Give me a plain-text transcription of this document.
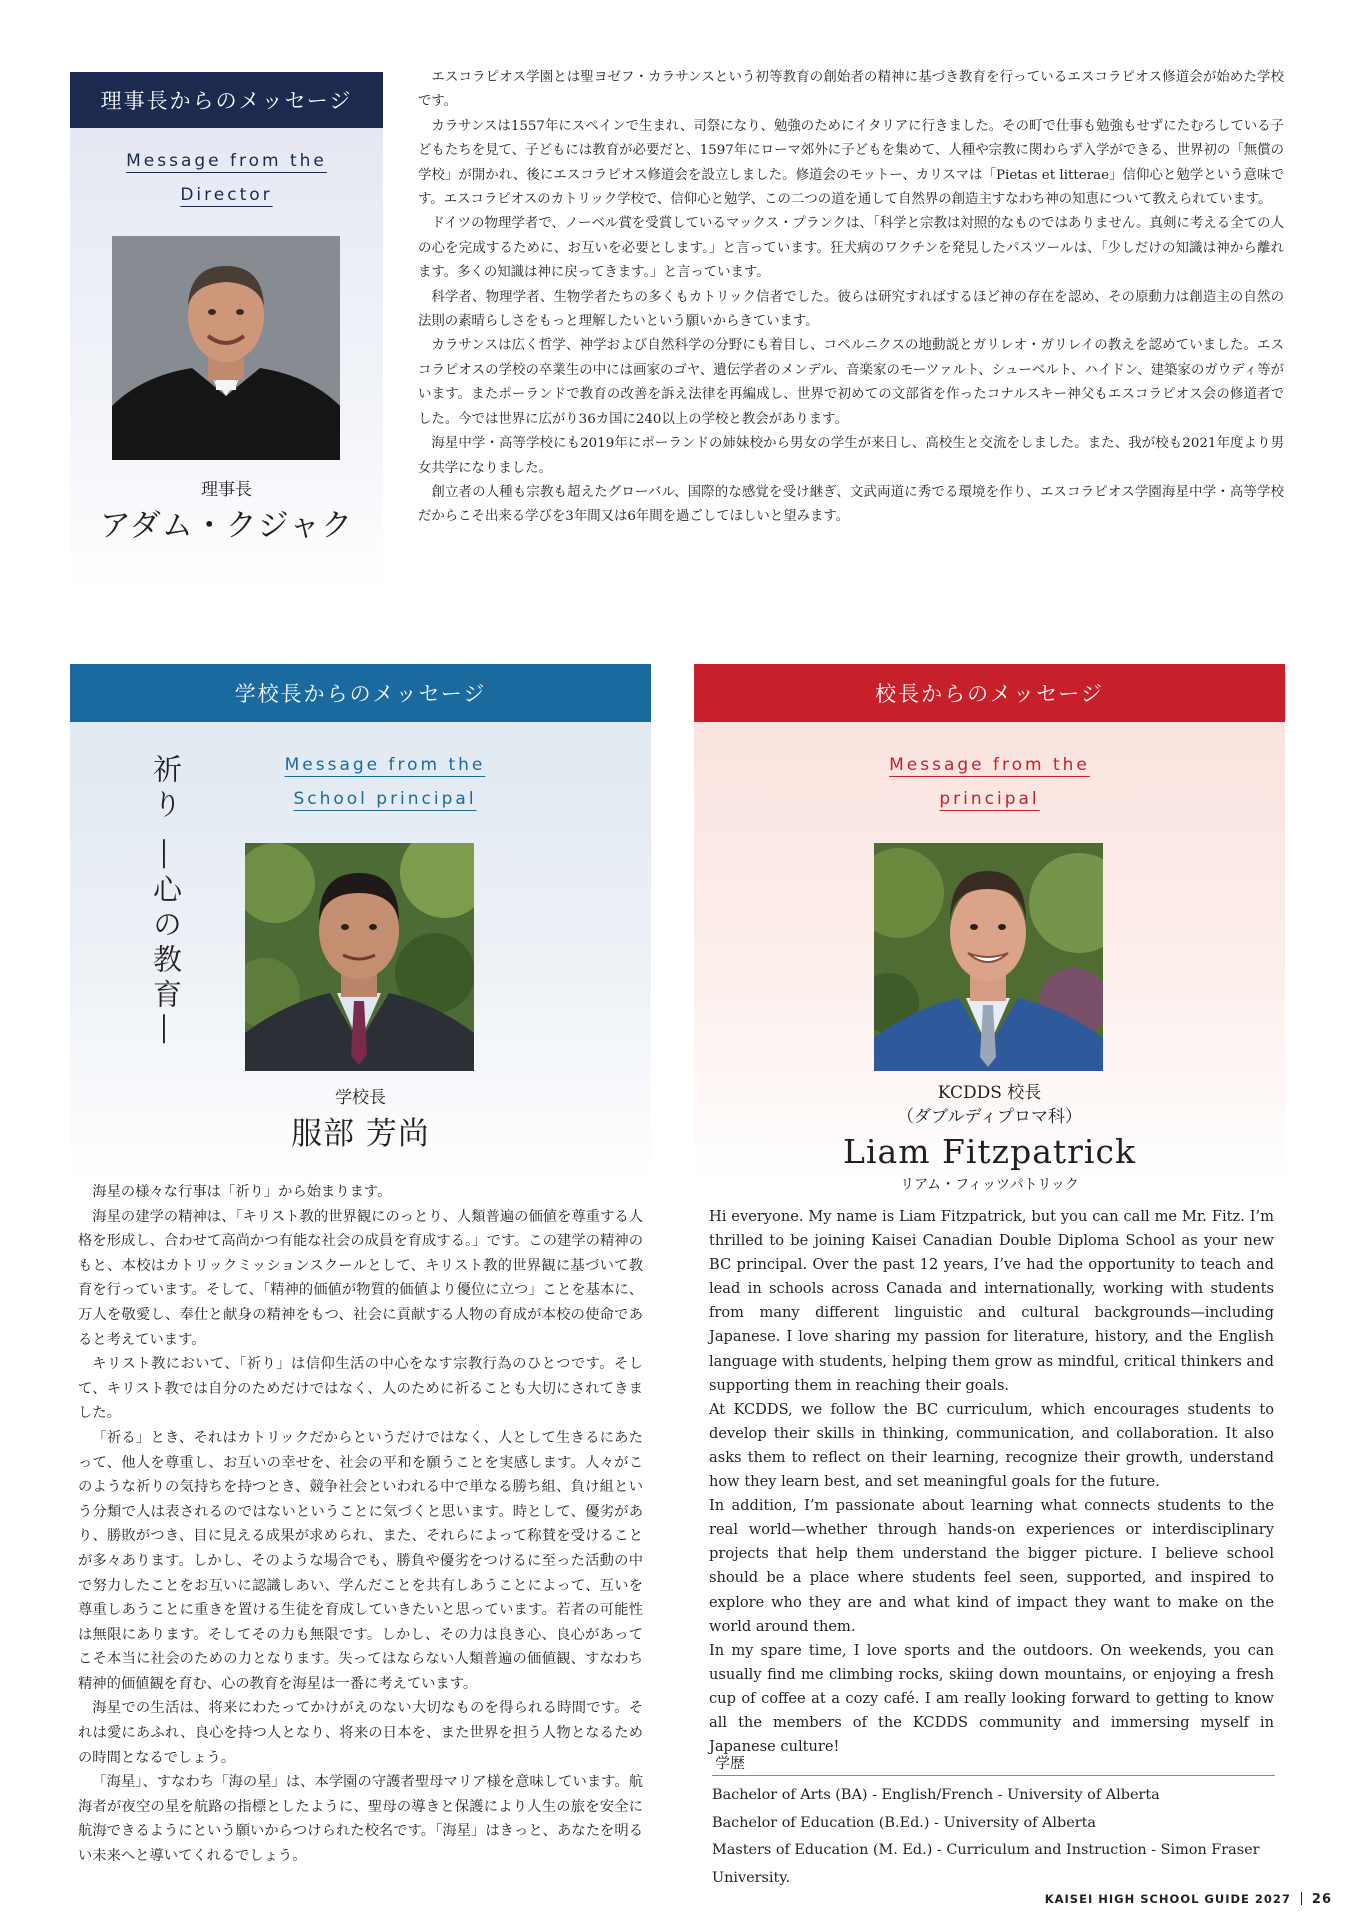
理事長からのメッセージ
Message from the
Director
理事長
アダム・クジャク

エスコラピオス学園とは聖ヨゼフ・カラサンスという初等教育の創始者の精神に基づき教育を行っているエスコラピオス修道会が始めた学校です。

カラサンスは1557年にスペインで生まれ、司祭になり、勉強のためにイタリアに行きました。その町で仕事も勉強もせずにたむろしている子どもたちを見て、子どもには教育が必要だと、1597年にローマ郊外に子どもを集めて、人種や宗教に関わらず入学ができる、世界初の「無償の学校」が開かれ、後にエスコラピオス修道会を設立しました。修道会のモットー、カリスマは「Pietas et litterae」信仰心と勉学という意味です。エスコラピオスのカトリック学校で、信仰心と勉学、この二つの道を通して自然界の創造主すなわち神の知恵について教えられています。

ドイツの物理学者で、ノーベル賞を受賞しているマックス・プランクは、「科学と宗教は対照的なものではありません。真剣に考える全ての人の心を完成するために、お互いを必要とします。」と言っています。狂犬病のワクチンを発見したパスツールは、「少しだけの知識は神から離れます。多くの知識は神に戻ってきます。」と言っています。

科学者、物理学者、生物学者たちの多くもカトリック信者でした。彼らは研究すればするほど神の存在を認め、その原動力は創造主の自然の法則の素晴らしさをもっと理解したいという願いからきています。

カラサンスは広く哲学、神学および自然科学の分野にも着目し、コペルニクスの地動説とガリレオ・ガリレイの教えを認めていました。エスコラピオスの学校の卒業生の中には画家のゴヤ、遺伝学者のメンデル、音楽家のモーツァルト、シューベルト、ハイドン、建築家のガウディ等がいます。またポーランドで教育の改善を訴え法律を再編成し、世界で初めての文部省を作ったコナルスキー神父もエスコラピオス会の修道者でした。今では世界に広がり36カ国に240以上の学校と教会があります。

海星中学・高等学校にも2019年にポーランドの姉妹校から男女の学生が来日し、高校生と交流をしました。また、我が校も2021年度より男女共学になりました。

創立者の人種も宗教も超えたグローバル、国際的な感覚を受け継ぎ、文武両道に秀でる環境を作り、エスコラピオス学園海星中学・高等学校だからこそ出来る学びを3年間又は6年間を過ごしてほしいと望みます。

学校長からのメッセージ
祈り ―心の教育―	Message from the
School principal
学校長
服部 芳尚

海星の様々な行事は「祈り」から始まります。

海星の建学の精神は、「キリスト教的世界観にのっとり、人類普遍の価値を尊重する人格を形成し、合わせて高尚かつ有能な社会の成員を育成する。」です。この建学の精神のもと、本校はカトリックミッションスクールとして、キリスト教的世界観に基づいて教育を行っています。そして、「精神的価値が物質的価値より優位に立つ」ことを基本に、万人を敬愛し、奉仕と献身の精神をもつ、社会に貢献する人物の育成が本校の使命であると考えています。

キリスト教において、「祈り」は信仰生活の中心をなす宗教行為のひとつです。そして、キリスト教では自分のためだけではなく、人のために祈ることも大切にされてきました。

「祈る」とき、それはカトリックだからというだけではなく、人として生きるにあたって、他人を尊重し、お互いの幸せを、社会の平和を願うことを実感します。人々がこのような祈りの気持ちを持つとき、競争社会といわれる中で単なる勝ち組、負け組という分類で人は表されるのではないということに気づくと思います。時として、優劣があり、勝敗がつき、目に見える成果が求められ、また、それらによって称賛を受けることが多々あります。しかし、そのような場合でも、勝負や優劣をつけるに至った活動の中で努力したことをお互いに認識しあい、学んだことを共有しあうことによって、互いを尊重しあうことに重きを置ける生徒を育成していきたいと思っています。若者の可能性は無限にあります。そしてその力も無限です。しかし、その力は良き心、良心があってこそ本当に社会のための力となります。失ってはならない人類普遍の価値観、すなわち精神的価値観を育む、心の教育を海星は一番に考えています。

海星での生活は、将来にわたってかけがえのない大切なものを得られる時間です。それは愛にあふれ、良心を持つ人となり、将来の日本を、また世界を担う人物となるための時間となるでしょう。

「海星」、すなわち「海の星」は、本学園の守護者聖母マリア様を意味しています。航海者が夜空の星を航路の指標としたように、聖母の導きと保護により人生の旅を安全に航海できるようにという願いからつけられた校名です。「海星」はきっと、あなたを明るい未来へと導いてくれるでしょう。

校長からのメッセージ
Message from the
principal
KCDDS 校長
（ダブルディプロマ科）
Liam Fitzpatrick
リアム・フィッツパトリック

Hi everyone. My name is Liam Fitzpatrick, but you can call me Mr. Fitz. I’m thrilled to be joining Kaisei Canadian Double Diploma School as your new BC principal. Over the past 12 years, I’ve had the opportunity to teach and lead in schools across Canada and internationally, working with students from many different linguistic and cultural backgrounds—including Japanese. I love sharing my passion for literature, history, and the English language with students, helping them grow as mindful, critical thinkers and supporting them in reaching their goals.

At KCDDS, we follow the BC curriculum, which encourages students to develop their skills in thinking, communication, and collaboration. It also asks them to reflect on their learning, recognize their growth, understand how they learn best, and set meaningful goals for the future.

In addition, I’m passionate about learning what connects students to the real world—whether through hands-on experiences or interdisciplinary projects that help them understand the bigger picture. I believe school should be a place where students feel seen, supported, and inspired to explore who they are and what kind of impact they want to make on the world around them.

In my spare time, I love sports and the outdoors. On weekends, you can usually find me climbing rocks, skiing down mountains, or enjoying a fresh cup of coffee at a cozy café. I am really looking forward to getting to know all the members of the KCDDS community and immersing myself in Japanese culture!

学歴
Bachelor of Arts (BA) - English/French - University of Alberta
Bachelor of Education (B.Ed.) - University of Alberta
Masters of Education (M. Ed.) - Curriculum and Instruction - Simon Fraser University.
KAISEI HIGH SCHOOL GUIDE 2027 26
